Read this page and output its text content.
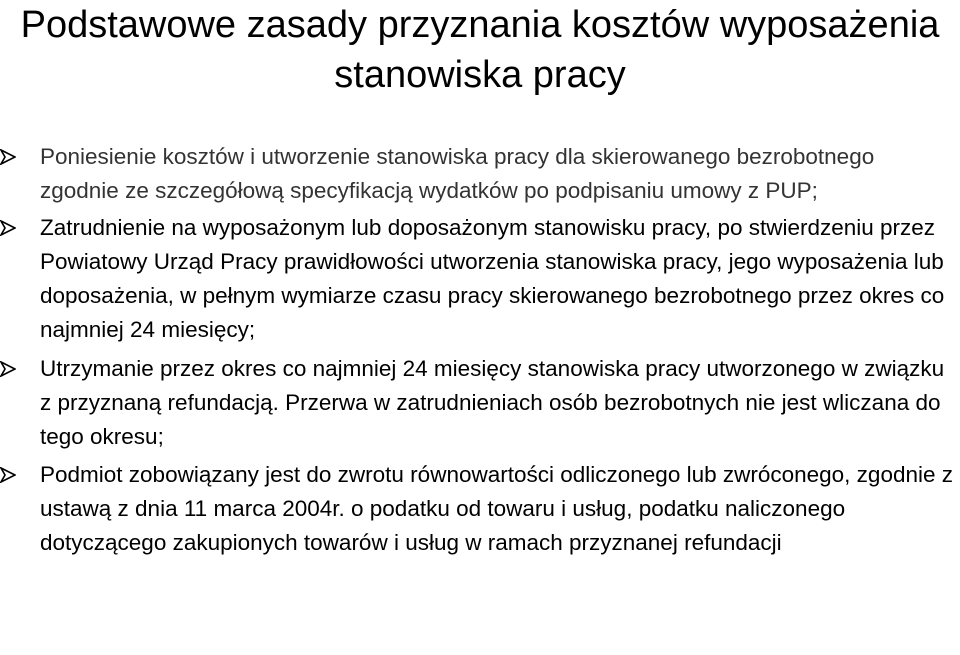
Podstawowe zasady przyznania kosztów wyposażenia stanowiska pracy
Poniesienie kosztów i utworzenie stanowiska pracy dla skierowanego bezrobotnego zgodnie ze szczegółową specyfikacją wydatków po podpisaniu umowy z PUP;
Zatrudnienie na wyposażonym lub doposażonym stanowisku pracy, po stwierdzeniu przez Powiatowy Urząd Pracy prawidłowości utworzenia stanowiska pracy, jego wyposażenia lub doposażenia, w pełnym wymiarze czasu pracy skierowanego bezrobotnego przez okres co najmniej 24 miesięcy;
Utrzymanie przez okres co najmniej 24 miesięcy stanowiska pracy utworzonego w związku z przyznaną refundacją. Przerwa w zatrudnieniach osób bezrobotnych nie jest wliczana do tego okresu;
Podmiot zobowiązany jest do zwrotu równowartości odliczonego lub zwróconego, zgodnie z ustawą z dnia 11 marca 2004r. o podatku od towaru i usług, podatku naliczonego dotyczącego zakupionych towarów i usług w ramach przyznanej refundacji
